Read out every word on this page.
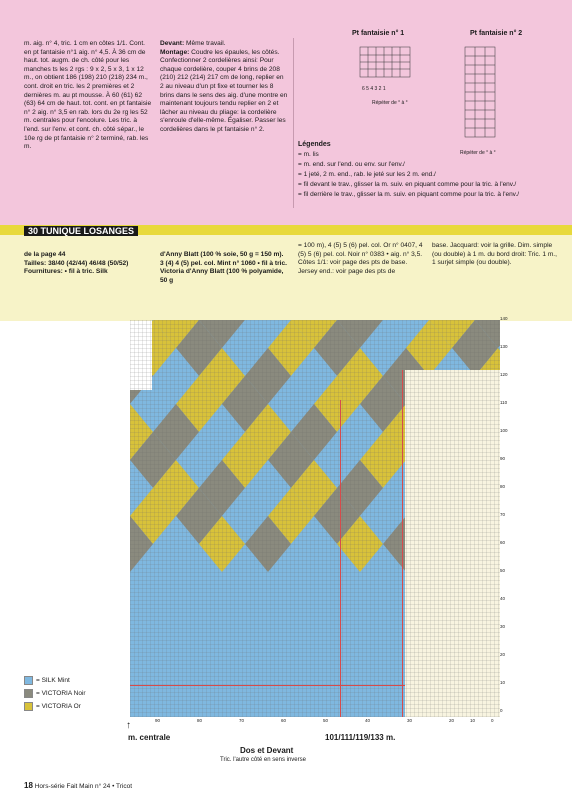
m. aig. n° 4, tric. 1 cm en côtes 1/1. Cont. en pt fantaisie n°1 aig. n° 4,5. À 36 cm de haut. tot. augm. de ch. côté pour les manches ts les 2 rgs : 9 x 2, 5 x 3, 1 x 12 m., on obtient 186 (198) 210 (218) 234 m., cont. droit en tric. les 2 premières et 2 dernières m. au pt mousse. À 60 (61) 62 (63) 64 cm de haut. tot. cont. en pt fantaisie n° 2 aig. n° 3,5 en rab. lors du 2e rg les 52 m. centrales pour l'encolure. Les tric. à l'end. sur l'env. et cont. ch. côté sépar., le 10e rg de pt fantaisie n° 2 terminé, rab. les m.
Devant: Même travail.
Montage: Coudre les épaules, les côtés. Confectionner 2 cordelières ainsi: Pour chaque cordelière, couper 4 brins de 208 (210) 212 (214) 217 cm de long, replier en 2 au niveau d'un pt fixe et tourner les 8 brins dans le sens des aig. d'une montre en maintenant toujours tendu replier en 2 et lâcher au niveau du pliage: la cordelière s'enroule d'elle-même. Égaliser. Passer les cordelières dans le pt fantaisie n° 2.
Pt fantaisie n° 1	Pt fantaisie n° 2
6 5 4 3 2 1
Répéter de ° à °
Répéter de ° à °
Légendes
= m. lis
= m. end. sur l'end. ou env. sur l'env./
= 1 jeté, 2 m. end., rab. le jeté sur les 2 m. end./
= fil devant le trav., glisser la m. suiv. en piquant comme pour la tric. à l'env./
= fil derrière le trav., glisser la m. suiv. en piquant comme pour la tric. à l'env./
30 TUNIQUE LOSANGES
de la page 44
Tailles: 38/40 (42/44) 46/48 (50/52)
Fournitures: • fil à tric. Silk
d'Anny Blatt (100 % soie, 50 g = 150 m). 3 (4) 4 (5) pel. col. Mint n° 1060 • fil à tric. Victoria d'Anny Blatt (100 % polyamide, 50 g
= 100 m), 4 (5) 5 (6) pel. col. Or n° 0407, 4 (5) 5 (6) pel. col. Noir n° 0383 • aig. n° 3,5. Côtes 1/1: voir page des pts de base. Jersey end.: voir page des pts de
base. Jacquard: voir la grille. Dim. simple (ou double) à 1 m. du bord droit: Tric. 1 m., 1 surjet simple (ou double).
140
130
120
110
100
90
80
70
60
50
40
30
20
10
0
90	80	70	60	50	40	30	20	10	0
= SILK Mint
= VICTORIA Noir
= VICTORIA Or
↑
m. centrale	101/111/119/133 m.
Dos et Devant
Tric. l'autre côté en sens inverse
18 Hors-série Fait Main n° 24 • Tricot
